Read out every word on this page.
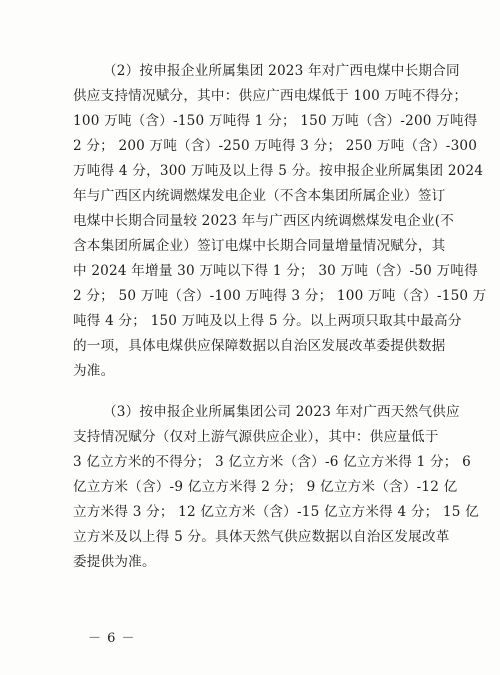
（2）按申报企业所属集团 2023 年对广西电煤中长期合同
供应支持情况赋分，其中：供应广西电煤低于 100 万吨不得分；
100 万吨（含）-150 万吨得 1 分； 150 万吨（含）-200 万吨得
2 分； 200 万吨（含）-250 万吨得 3 分； 250 万吨（含）-300
万吨得 4 分，300 万吨及以上得 5 分。按申报企业所属集团 2024
年与广西区内统调燃煤发电企业（不含本集团所属企业）签订
电煤中长期合同量较 2023 年与广西区内统调燃煤发电企业(不
含本集团所属企业）签订电煤中长期合同量增量情况赋分，其
中 2024 年增量 30 万吨以下得 1 分； 30 万吨（含）-50 万吨得
2 分； 50 万吨（含）-100 万吨得 3 分； 100 万吨（含）-150 万
吨得 4 分； 150 万吨及以上得 5 分。以上两项只取其中最高分
的一项，具体电煤供应保障数据以自治区发展改革委提供数据
为准。
（3）按申报企业所属集团公司 2023 年对广西天然气供应
支持情况赋分（仅对上游气源供应企业），其中：供应量低于
3 亿立方米的不得分； 3 亿立方米（含）-6 亿立方米得 1 分； 6
亿立方米（含）-9 亿立方米得 2 分； 9 亿立方米（含）-12 亿
立方米得 3 分； 12 亿立方米（含）-15 亿立方米得 4 分； 15 亿
立方米及以上得 5 分。具体天然气供应数据以自治区发展改革
委提供为准。
－ 6 －
